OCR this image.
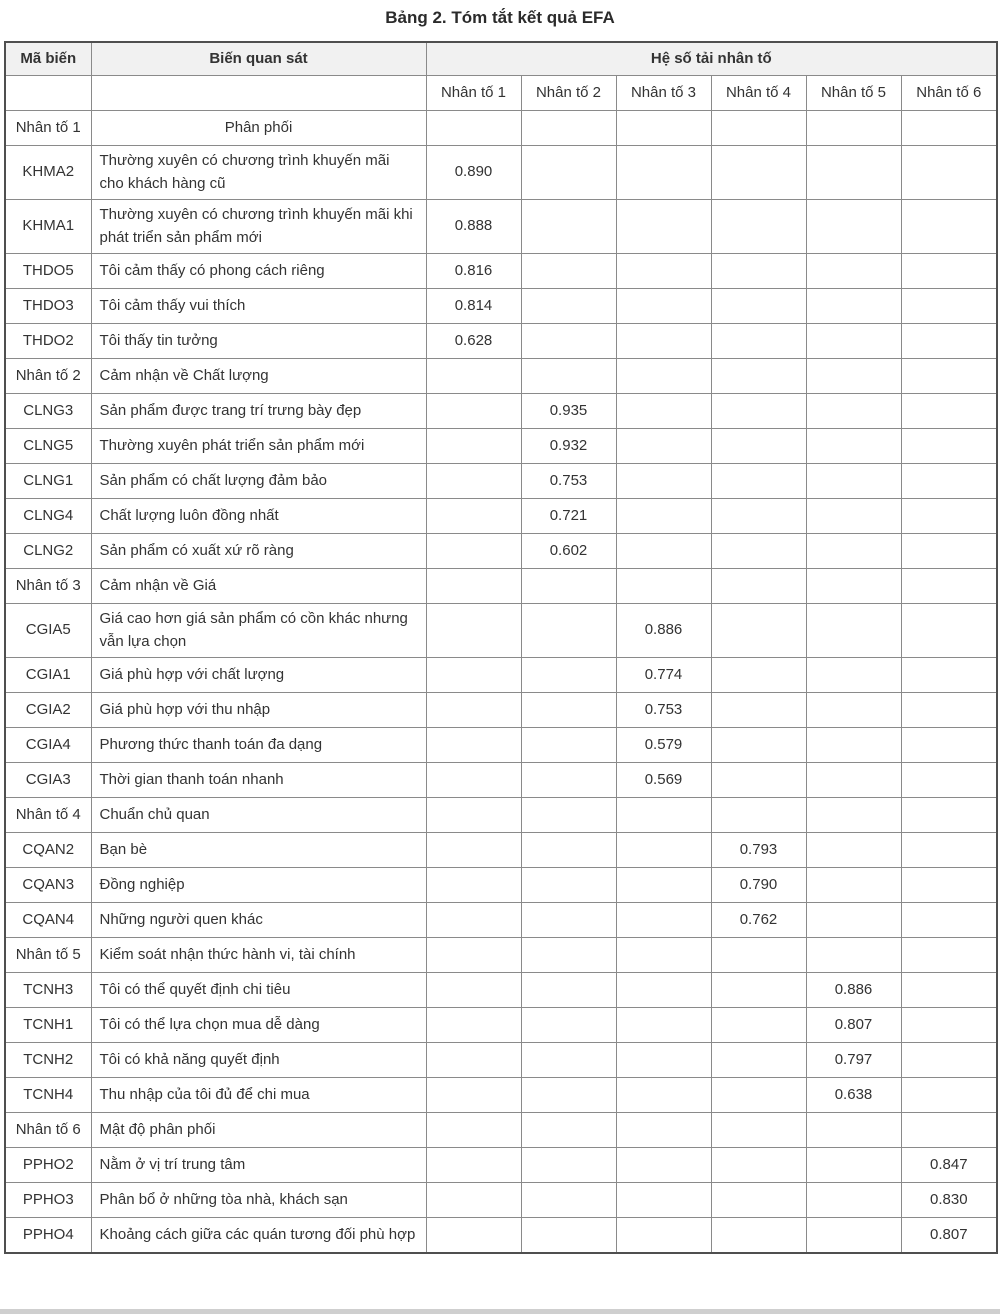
Bảng 2. Tóm tắt kết quả EFA
Mã biến	Biến quan sát	Hệ số tải nhân tố					
		Nhân tố 1	Nhân tố 2	Nhân tố 3	Nhân tố 4	Nhân tố 5	Nhân tố 6
Nhân tố 1	Phân phối						
KHMA2	Thường xuyên có chương trình khuyến mãi cho khách hàng cũ	0.890					
KHMA1	Thường xuyên có chương trình khuyến mãi khi phát triển sản phẩm mới	0.888					
THDO5	Tôi cảm thấy có phong cách riêng	0.816					
THDO3	Tôi cảm thấy vui thích	0.814					
THDO2	Tôi thấy tin tưởng	0.628					
Nhân tố 2	Cảm nhận về Chất lượng						
CLNG3	Sản phẩm được trang trí trưng bày đẹp		0.935				
CLNG5	Thường xuyên phát triển sản phẩm mới		0.932				
CLNG1	Sản phẩm có chất lượng đảm bảo		0.753				
CLNG4	Chất lượng luôn đồng nhất		0.721				
CLNG2	Sản phẩm có xuất xứ rõ ràng		0.602				
Nhân tố 3	Cảm nhận về Giá						
CGIA5	Giá cao hơn giá sản phẩm có cồn khác nhưng vẫn lựa chọn			0.886			
CGIA1	Giá phù hợp với chất lượng			0.774			
CGIA2	Giá phù hợp với thu nhập			0.753			
CGIA4	Phương thức thanh toán đa dạng			0.579			
CGIA3	Thời gian thanh toán nhanh			0.569			
Nhân tố 4	Chuẩn chủ quan						
CQAN2	Bạn bè				0.793		
CQAN3	Đồng nghiệp				0.790		
CQAN4	Những người quen khác				0.762		
Nhân tố 5	Kiểm soát nhận thức hành vi, tài chính						
TCNH3	Tôi có thể quyết định chi tiêu					0.886	
TCNH1	Tôi có thể lựa chọn mua dễ dàng					0.807	
TCNH2	Tôi có khả năng quyết định					0.797	
TCNH4	Thu nhập của tôi đủ để chi mua					0.638	
Nhân tố 6	Mật độ phân phối						
PPHO2	Nằm ở vị trí trung tâm						0.847
PPHO3	Phân bổ ở những tòa nhà, khách sạn						0.830
PPHO4	Khoảng cách giữa các quán tương đối phù hợp						0.807
